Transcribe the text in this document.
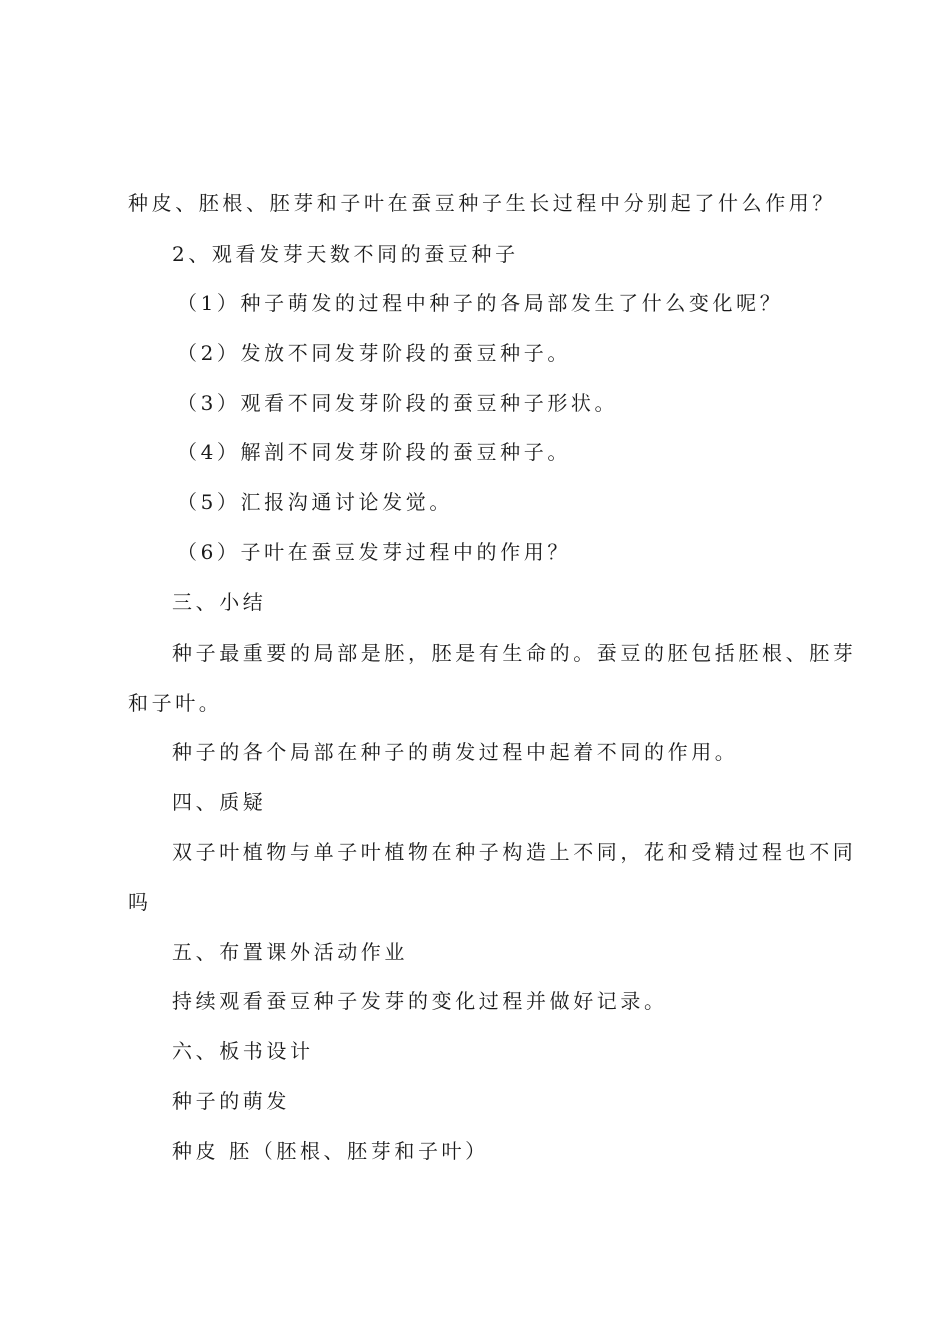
种皮、胚根、胚芽和子叶在蚕豆种子生长过程中分别起了什么作用？
2、观看发芽天数不同的蚕豆种子
（1）种子萌发的过程中种子的各局部发生了什么变化呢？
（2）发放不同发芽阶段的蚕豆种子。
（3）观看不同发芽阶段的蚕豆种子形状。
（4）解剖不同发芽阶段的蚕豆种子。
（5）汇报沟通讨论发觉。
（6）子叶在蚕豆发芽过程中的作用？
三、小结
种子最重要的局部是胚，胚是有生命的。蚕豆的胚包括胚根、胚芽
和子叶。
种子的各个局部在种子的萌发过程中起着不同的作用。
四、质疑
双子叶植物与单子叶植物在种子构造上不同，花和受精过程也不同
吗
五、布置课外活动作业
持续观看蚕豆种子发芽的变化过程并做好记录。
六、板书设计
种子的萌发
种皮 胚（胚根、胚芽和子叶）
